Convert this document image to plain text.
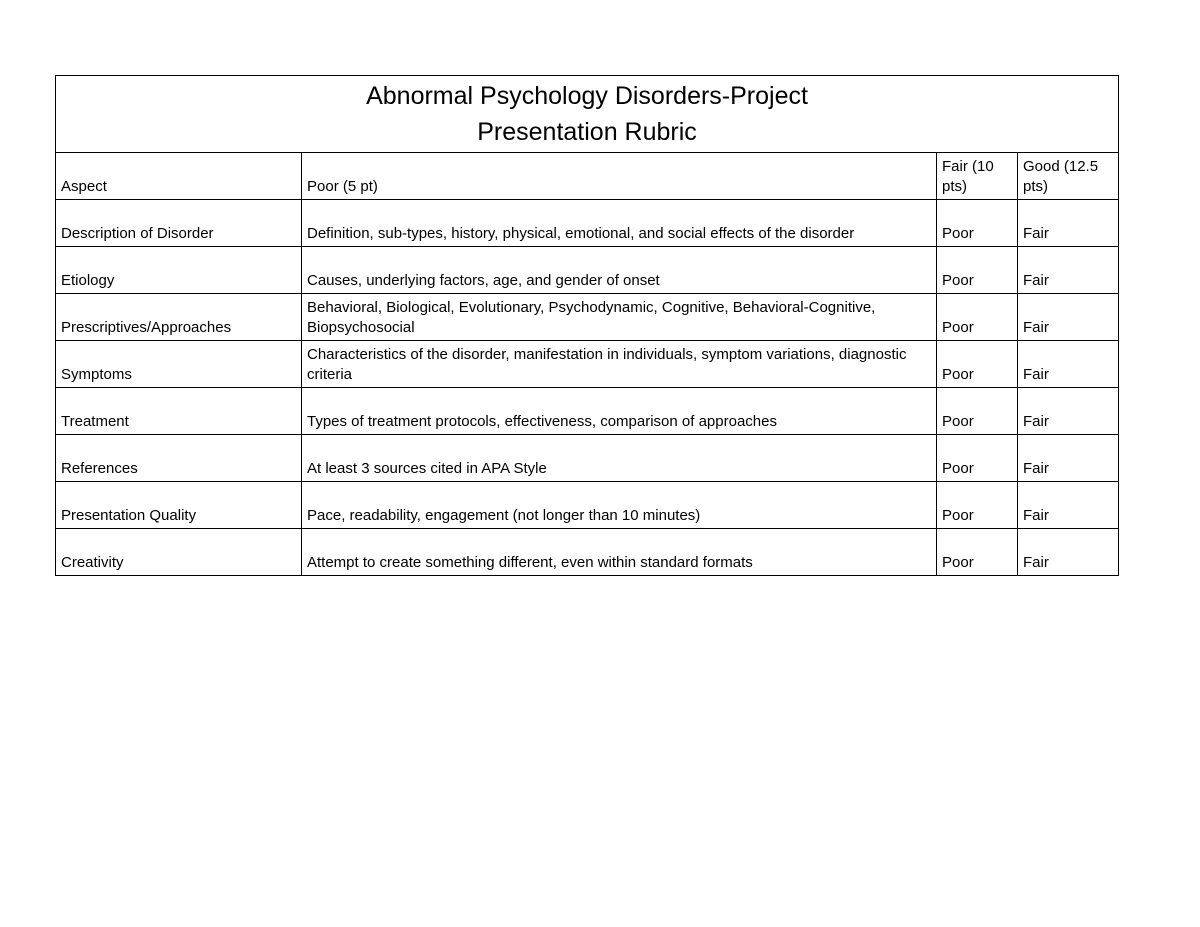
Abnormal Psychology Disorders-Project
Presentation Rubric			

Aspect	Poor (5 pt)	Fair (10 pts)	Good (12.5 pts)
Description of Disorder	Definition, sub-types, history, physical, emotional, and social effects of the disorder	Poor	Fair
Etiology	Causes, underlying factors, age, and gender of onset	Poor	Fair
Prescriptives/Approaches	Behavioral, Biological, Evolutionary, Psychodynamic, Cognitive, Behavioral-Cognitive, Biopsychosocial	Poor	Fair
Symptoms	Characteristics of the disorder, manifestation in individuals, symptom variations, diagnostic criteria	Poor	Fair
Treatment	Types of treatment protocols, effectiveness, comparison of approaches	Poor	Fair
References	At least 3 sources cited in APA Style	Poor	Fair
Presentation Quality	Pace, readability, engagement (not longer than 10 minutes)	Poor	Fair
Creativity	Attempt to create something different, even within standard formats	Poor	Fair
